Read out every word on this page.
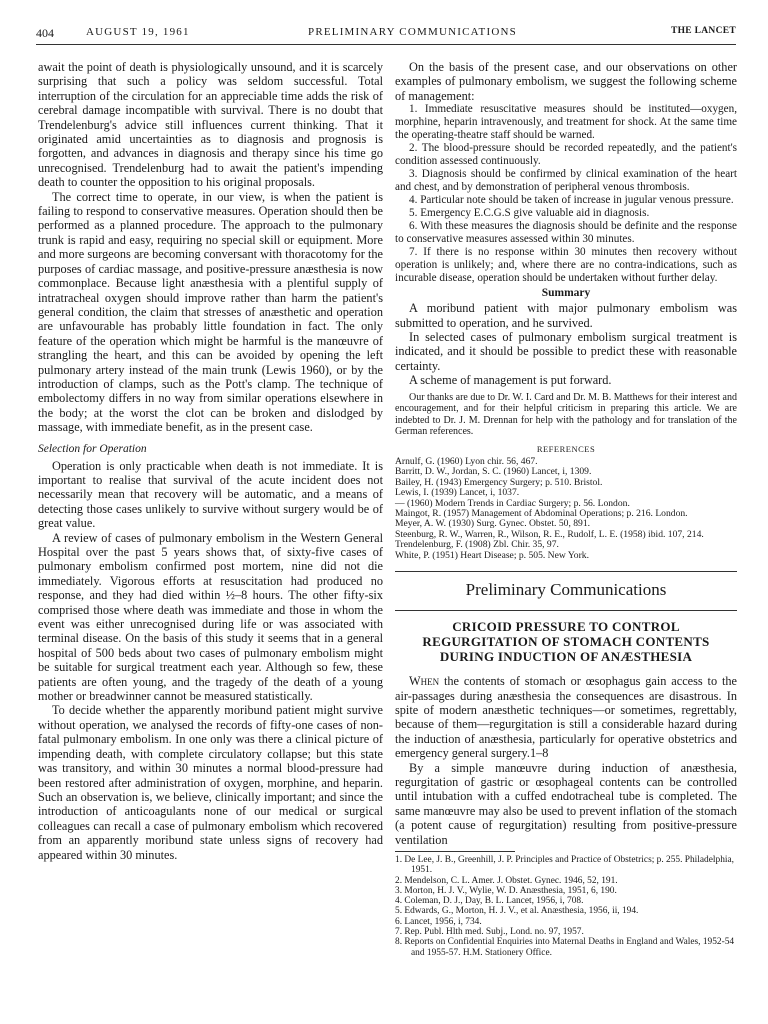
404	AUGUST 19, 1961	PRELIMINARY COMMUNICATIONS	THE LANCET

await the point of death is physiologically unsound, and it is scarcely surprising that such a policy was seldom successful. Total interruption of the circulation for an appreciable time adds the risk of cerebral damage incompatible with survival. There is no doubt that Trendelenburg's advice still influences current thinking. That it originated amid uncertainties as to diagnosis and prognosis is forgotten, and advances in diagnosis and therapy since his time go unrecognised. Trendelenburg had to await the patient's impending death to counter the opposition to his original proposals.

The correct time to operate, in our view, is when the patient is failing to respond to conservative measures. Operation should then be performed as a planned procedure. The approach to the pulmonary trunk is rapid and easy, requiring no special skill or equipment. More and more surgeons are becoming conversant with thoracotomy for the purposes of cardiac massage, and positive-pressure anæsthesia is now commonplace. Because light anæsthesia with a plentiful supply of intratracheal oxygen should improve rather than harm the patient's general condition, the claim that stresses of anæsthetic and operation are unfavourable has probably little foundation in fact. The only feature of the operation which might be harmful is the manœuvre of strangling the heart, and this can be avoided by opening the left pulmonary artery instead of the main trunk (Lewis 1960), or by the introduction of clamps, such as the Pott's clamp. The technique of embolectomy differs in no way from similar operations elsewhere in the body; at the worst the clot can be broken and dislodged by massage, with immediate benefit, as in the present case.

Selection for Operation

Operation is only practicable when death is not immediate. It is important to realise that survival of the acute incident does not necessarily mean that recovery will be automatic, and a means of detecting those cases unlikely to survive without surgery would be of great value.

A review of cases of pulmonary embolism in the Western General Hospital over the past 5 years shows that, of sixty-five cases of pulmonary embolism confirmed post mortem, nine did not die immediately. Vigorous efforts at resuscitation had produced no response, and they had died within ½–8 hours. The other fifty-six comprised those where death was immediate and those in whom the event was either unrecognised during life or was associated with terminal disease. On the basis of this study it seems that in a general hospital of 500 beds about two cases of pulmonary embolism might be suitable for surgical treatment each year. Although so few, these patients are often young, and the tragedy of the death of a young mother or breadwinner cannot be measured statistically.

To decide whether the apparently moribund patient might survive without operation, we analysed the records of fifty-one cases of non-fatal pulmonary embolism. In one only was there a clinical picture of impending death, with complete circulatory collapse; but this state was transitory, and within 30 minutes a normal blood-pressure had been restored after administration of oxygen, morphine, and heparin. Such an observation is, we believe, clinically important; and since the introduction of anticoagulants none of our medical or surgical colleagues can recall a case of pulmonary embolism which recovered from an apparently moribund state unless signs of recovery had appeared within 30 minutes.

On the basis of the present case, and our observations on other examples of pulmonary embolism, we suggest the following scheme of management:

1. Immediate resuscitative measures should be instituted—oxygen, morphine, heparin intravenously, and treatment for shock. At the same time the operating-theatre staff should be warned.

2. The blood-pressure should be recorded repeatedly, and the patient's condition assessed continuously.

3. Diagnosis should be confirmed by clinical examination of the heart and chest, and by demonstration of peripheral venous thrombosis.

4. Particular note should be taken of increase in jugular venous pressure.

5. Emergency E.C.G.S give valuable aid in diagnosis.

6. With these measures the diagnosis should be definite and the response to conservative measures assessed within 30 minutes.

7. If there is no response within 30 minutes then recovery without operation is unlikely; and, where there are no contra-indications, such as incurable disease, operation should be undertaken without further delay.

Summary

A moribund patient with major pulmonary embolism was submitted to operation, and he survived.

In selected cases of pulmonary embolism surgical treatment is indicated, and it should be possible to predict these with reasonable certainty.

A scheme of management is put forward.

Our thanks are due to Dr. W. I. Card and Dr. M. B. Matthews for their interest and encouragement, and for their helpful criticism in preparing this article. We are indebted to Dr. J. M. Drennan for help with the pathology and for translation of the German references.

REFERENCES
Arnulf, G. (1960) Lyon chir. 56, 467.
Barritt, D. W., Jordan, S. C. (1960) Lancet, i, 1309.
Bailey, H. (1943) Emergency Surgery; p. 510. Bristol.
Lewis, I. (1939) Lancet, i, 1037.
— (1960) Modern Trends in Cardiac Surgery; p. 56. London.
Maingot, R. (1957) Management of Abdominal Operations; p. 216. London.
Meyer, A. W. (1930) Surg. Gynec. Obstet. 50, 891.
Steenburg, R. W., Warren, R., Wilson, R. E., Rudolf, L. E. (1958) ibid. 107, 214.
Trendelenburg, F. (1908) Zbl. Chir. 35, 97.
White, P. (1951) Heart Disease; p. 505. New York.
Preliminary Communications
CRICOID PRESSURE TO CONTROL REGURGITATION OF STOMACH CONTENTS DURING INDUCTION OF ANÆSTHESIA

When the contents of stomach or œsophagus gain access to the air-passages during anæsthesia the consequences are disastrous. In spite of modern anæsthetic techniques—or sometimes, regrettably, because of them—regurgitation is still a considerable hazard during the induction of anæsthesia, particularly for operative obstetrics and emergency general surgery.1–8

By a simple manœuvre during induction of anæsthesia, regurgitation of gastric or œsophageal contents can be controlled until intubation with a cuffed endotracheal tube is completed. The same manœuvre may also be used to prevent inflation of the stomach (a potent cause of regurgitation) resulting from positive-pressure ventilation

1. De Lee, J. B., Greenhill, J. P. Principles and Practice of Obstetrics; p. 255. Philadelphia, 1951.
2. Mendelson, C. L. Amer. J. Obstet. Gynec. 1946, 52, 191.
3. Morton, H. J. V., Wylie, W. D. Anæsthesia, 1951, 6, 190.
4. Coleman, D. J., Day, B. L. Lancet, 1956, i, 708.
5. Edwards, G., Morton, H. J. V., et al. Anæsthesia, 1956, ii, 194.
6. Lancet, 1956, i, 734.
7. Rep. Publ. Hlth med. Subj., Lond. no. 97, 1957.
8. Reports on Confidential Enquiries into Maternal Deaths in England and Wales, 1952-54 and 1955-57. H.M. Stationery Office.
